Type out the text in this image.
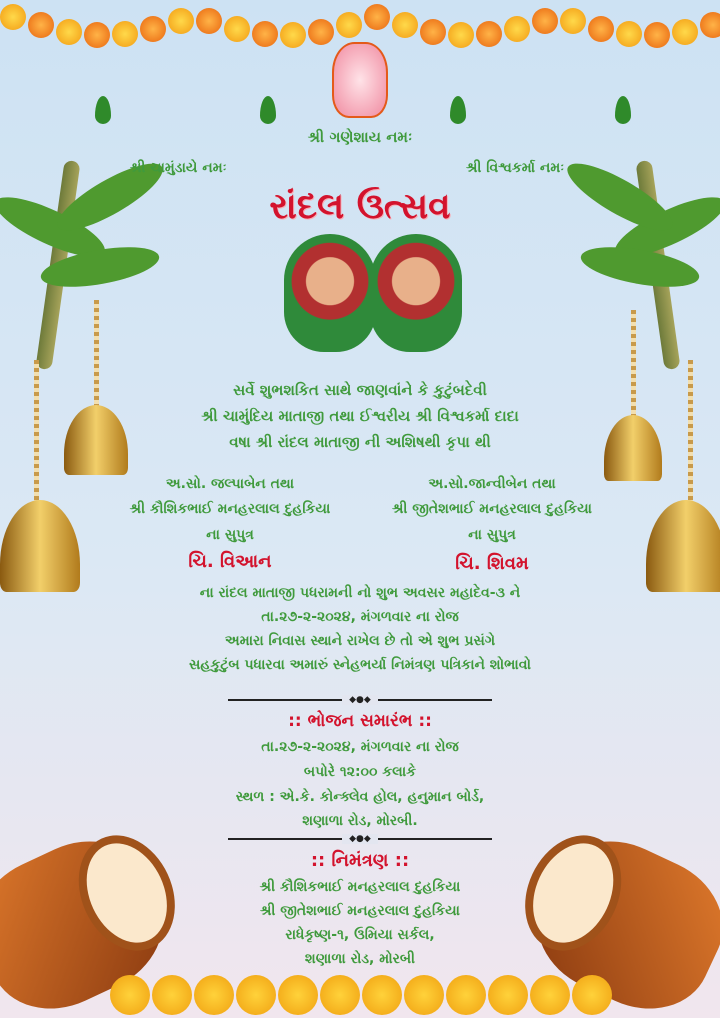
શ્રી ગણેશાય નમઃ
શ્રી ચામુંડાયે નમઃ	શ્રી વિશ્વકર્મા નમઃ
રાંદલ ઉત્સવ
સર્વે શુભશકિત સાથે જાણવાંને કે કુટુંબદેવી
શ્રી ચામુંદિય માતાજી તથા ઈશ્વરીય શ્રી વિશ્વકર્મા દાદા
વષા શ્રી રાંદલ માતાજી ની અશિષથી કૃપા થી
અ.સો. જલ્પાબેન તથા
શ્રી કૌશિકભાઈ મનહરલાલ દુહકિયા
ના સુપુત્ર
ચિ. વિઆન
અ.સો.જાન્વીબેન તથા
શ્રી જીતેશભાઈ મનહરલાલ દુહકિયા
ના સુપુત્ર
ચિ. શિવમ
ના રાંદલ માતાજી પધરામની નો શુભ અવસર મહાદેવ-૩ ને
તા.૨૭-૨-૨૦૨૪, મંગળવાર ના રોજ
અમારા નિવાસ સ્થાને રાખેલ છે તો એ શુભ પ્રસંગે
સહકુટુંબ પધારવા અમારું સ્નેહભર્યા નિમંત્રણ પત્રિકાને શોભાવો
◆●◆
:: ભોજન સમારંભ ::
તા.૨૭-૨-૨૦૨૪, મંગળવાર ના રોજ
બપોરે ૧૨:૦૦ કલાકે
સ્થળ : એ.કે. કોન્ક્લેવ હોલ, હનુમાન બોર્ડ,
શણાળા રોડ, મોરબી.
◆●◆
:: નિમંત્રણ ::
શ્રી કૌશિકભાઈ મનહરલાલ દુહકિયા
શ્રી જીતેશભાઈ મનહરલાલ દુહકિયા
રાધેકૃષ્ણ-૧, ઉમિયા સર્કલ,
શણાળા રોડ, મોરબી
